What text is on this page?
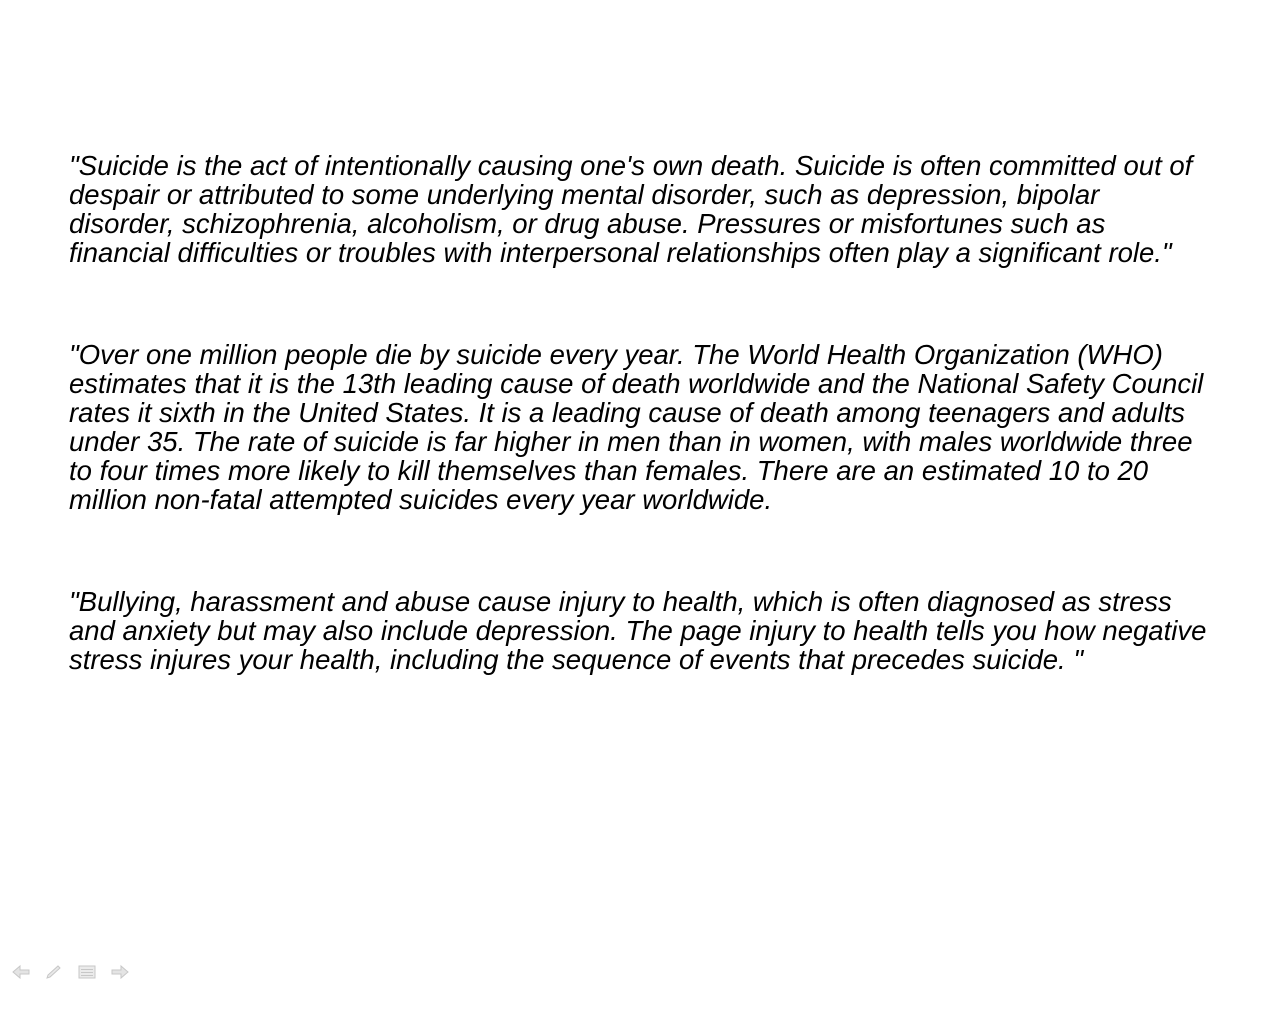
"Suicide is the act of intentionally causing one's own death. Suicide is often committed out of despair or attributed to some underlying mental disorder, such as depression, bipolar disorder, schizophrenia, alcoholism, or drug abuse. Pressures or misfortunes such as financial difficulties or troubles with interpersonal relationships often play a significant role."

"Over one million people die by suicide every year. The World Health Organization (WHO) estimates that it is the 13th leading cause of death worldwide and the National Safety Council rates it sixth in the United States. It is a leading cause of death among teenagers and adults under 35. The rate of suicide is far higher in men than in women, with males worldwide three to four times more likely to kill themselves than females. There are an estimated 10 to 20 million non-fatal attempted suicides every year worldwide.

"Bullying, harassment and abuse cause injury to health, which is often diagnosed as stress and anxiety but may also include depression. The page injury to health tells you how negative stress injures your health, including the sequence of events that precedes suicide. "
